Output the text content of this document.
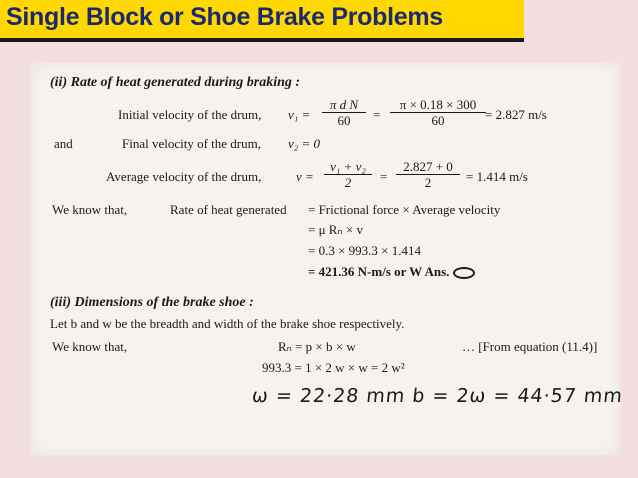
Single Block or Shoe Brake Problems
(ii) Rate of heat generated during braking :
Initial velocity of the drum, $v_1 = \frac{\text{π d N}}{60} = \frac{\pi \times 0.18 \times 300}{60} = 2.827$ m/s
and	Final velocity of the drum, v₂ = 0
Average velocity of the drum,	$v = \frac{\text{v₁ + v₂}}{2} = \frac{2.827 + 0}{2} = 1.414$ m/s
We know that,	Rate of heat generated = Frictional force × Average velocity
= μ Rₙ × v
= 0.3 × 993.3 × 1.414
= 421.36 N-m/s or W Ans.
(iii) Dimensions of the brake shoe :
Let b and w be the breadth and width of the brake shoe respectively.
We know that,	Rₙ = p × b × w	… [From equation (11.4)]
993.3 = 1 × 2 w × w = 2 w²
ω = 22·28 mm b = 2ω = 44·57 mm
